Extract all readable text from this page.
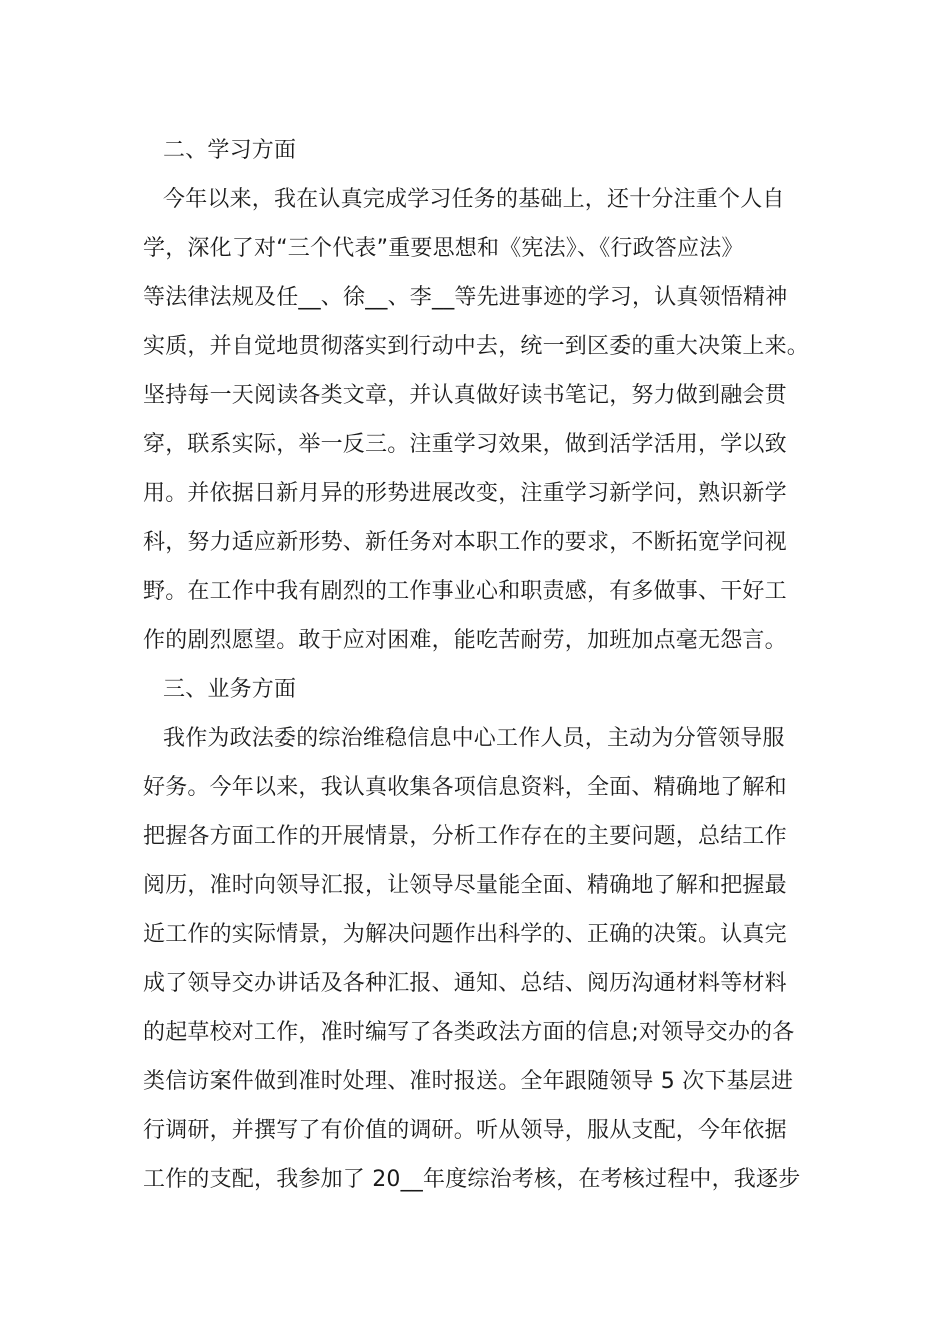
二、学习方面
今年以来，我在认真完成学习任务的基础上，还十分注重个人自
学，深化了对“三个代表”重要思想和《宪法》、《行政答应法》
等法律法规及任__、徐__、李__等先进事迹的学习，认真领悟精神
实质，并自觉地贯彻落实到行动中去，统一到区委的重大决策上来。
坚持每一天阅读各类文章，并认真做好读书笔记，努力做到融会贯
穿，联系实际，举一反三。注重学习效果，做到活学活用，学以致
用。并依据日新月异的形势进展改变，注重学习新学问，熟识新学
科，努力适应新形势、新任务对本职工作的要求，不断拓宽学问视
野。在工作中我有剧烈的工作事业心和职责感，有多做事、干好工
作的剧烈愿望。敢于应对困难，能吃苦耐劳，加班加点毫无怨言。
三、业务方面
我作为政法委的综治维稳信息中心工作人员，主动为分管领导服
好务。今年以来，我认真收集各项信息资料，全面、精确地了解和
把握各方面工作的开展情景，分析工作存在的主要问题，总结工作
阅历，准时向领导汇报，让领导尽量能全面、精确地了解和把握最
近工作的实际情景，为解决问题作出科学的、正确的决策。认真完
成了领导交办讲话及各种汇报、通知、总结、阅历沟通材料等材料
的起草校对工作，准时编写了各类政法方面的信息;对领导交办的各
类信访案件做到准时处理、准时报送。全年跟随领导 5 次下基层进
行调研，并撰写了有价值的调研。听从领导，服从支配，今年依据
工作的支配，我参加了 20__年度综治考核，在考核过程中，我逐步
